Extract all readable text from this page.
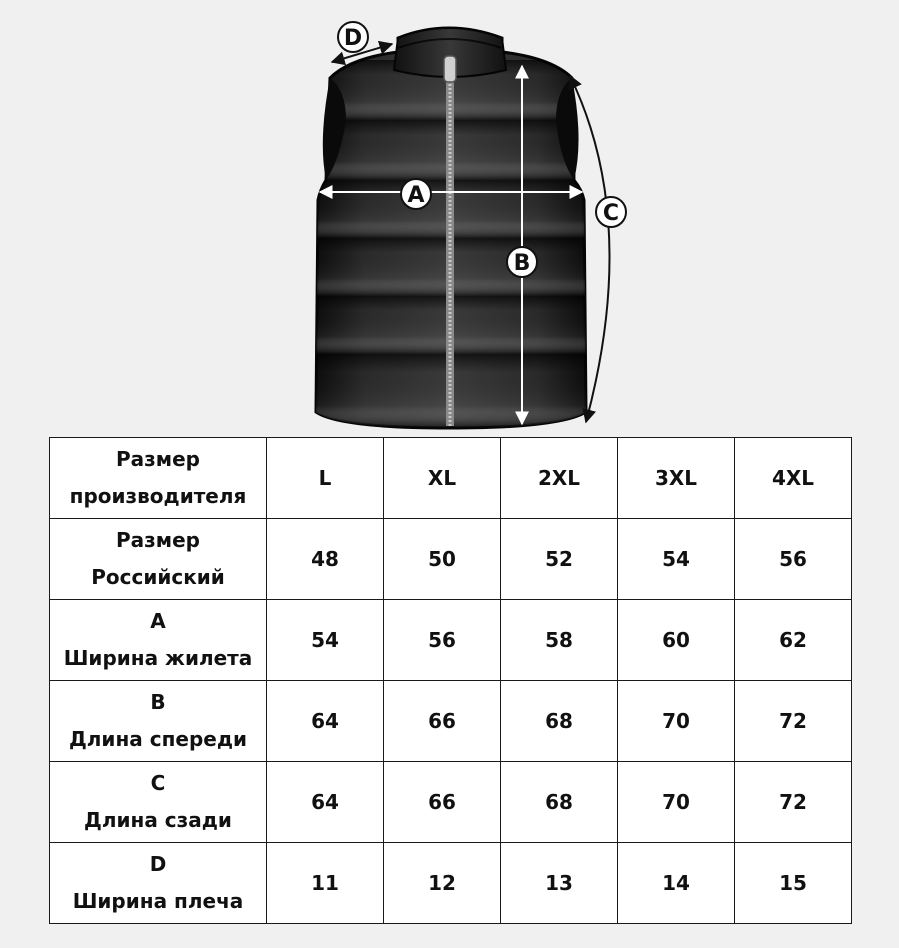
A
B
C
D
Размер
производителя	L	XL	2XL	3XL	4XL

Размер
Российский	48	50	52	54	56

A
Ширина жилета	54	56	58	60	62

B
Длина спереди	64	66	68	70	72

C
Длина сзади	64	66	68	70	72

D
Ширина плеча	11	12	13	14	15
